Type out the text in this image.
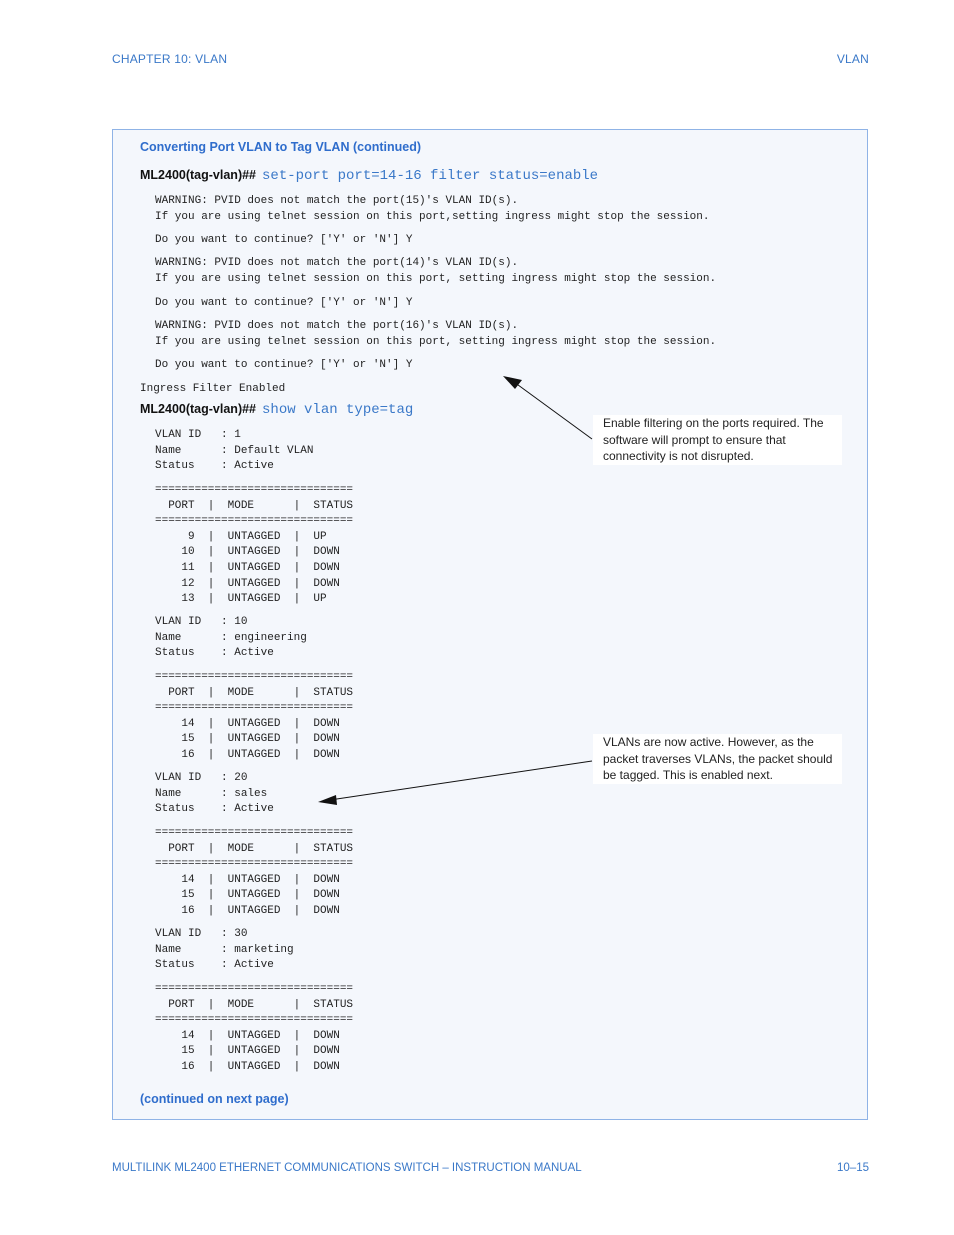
CHAPTER 10: VLAN	VLAN
Converting Port VLAN to Tag VLAN (continued)
ML2400(tag-vlan)## set-port port=14-16 filter status=enable
WARNING: PVID does not match the port(15)'s VLAN ID(s).
If you are using telnet session on this port,setting ingress might stop the session.
Do you want to continue? ['Y' or 'N'] Y
WARNING: PVID does not match the port(14)'s VLAN ID(s).
If you are using telnet session on this port, setting ingress might stop the session.
Do you want to continue? ['Y' or 'N'] Y
WARNING: PVID does not match the port(16)'s VLAN ID(s).
If you are using telnet session on this port, setting ingress might stop the session.
Do you want to continue? ['Y' or 'N'] Y
Ingress Filter Enabled
ML2400(tag-vlan)## show vlan type=tag
VLAN ID   : 1
Name      : Default VLAN
Status    : Active
==============================
PORT  |  MODE      |  STATUS
==============================
9  |  UNTAGGED  |  UP
10  |  UNTAGGED  |  DOWN
11  |  UNTAGGED  |  DOWN
12  |  UNTAGGED  |  DOWN
13  |  UNTAGGED  |  UP
VLAN ID   : 10
Name      : engineering
Status    : Active
==============================
PORT  |  MODE      |  STATUS
==============================
14  |  UNTAGGED  |  DOWN
15  |  UNTAGGED  |  DOWN
16  |  UNTAGGED  |  DOWN
VLAN ID   : 20
Name      : sales
Status    : Active
==============================
PORT  |  MODE      |  STATUS
==============================
14  |  UNTAGGED  |  DOWN
15  |  UNTAGGED  |  DOWN
16  |  UNTAGGED  |  DOWN
VLAN ID   : 30
Name      : marketing
Status    : Active
==============================
PORT  |  MODE      |  STATUS
==============================
14  |  UNTAGGED  |  DOWN
15  |  UNTAGGED  |  DOWN
16  |  UNTAGGED  |  DOWN
(continued on next page)
Enable filtering on the ports required. The software will prompt to ensure that connectivity is not disrupted.
VLANs are now active. However, as the packet traverses VLANs, the packet should be tagged. This is enabled next.
MULTILINK ML2400 ETHERNET COMMUNICATIONS SWITCH – INSTRUCTION MANUAL	10–15
